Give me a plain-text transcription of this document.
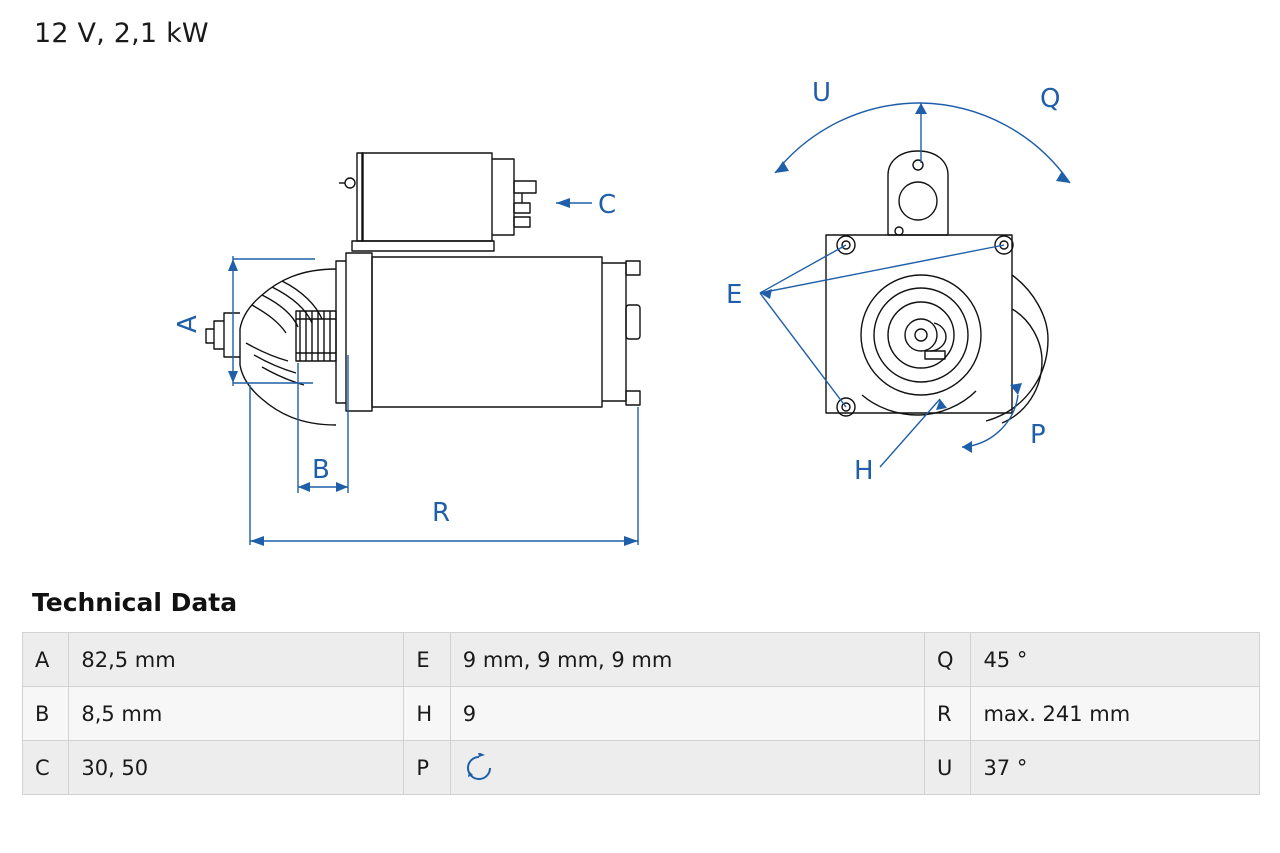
12 V, 2,1 kW
A
B
C
R
U	Q
E
H
P
Technical Data
A	82,5 mm	E	9 mm, 9 mm, 9 mm	Q	45 °
B	8,5 mm	H	9	R	max. 241 mm
C	30, 50	P		U	37 °
